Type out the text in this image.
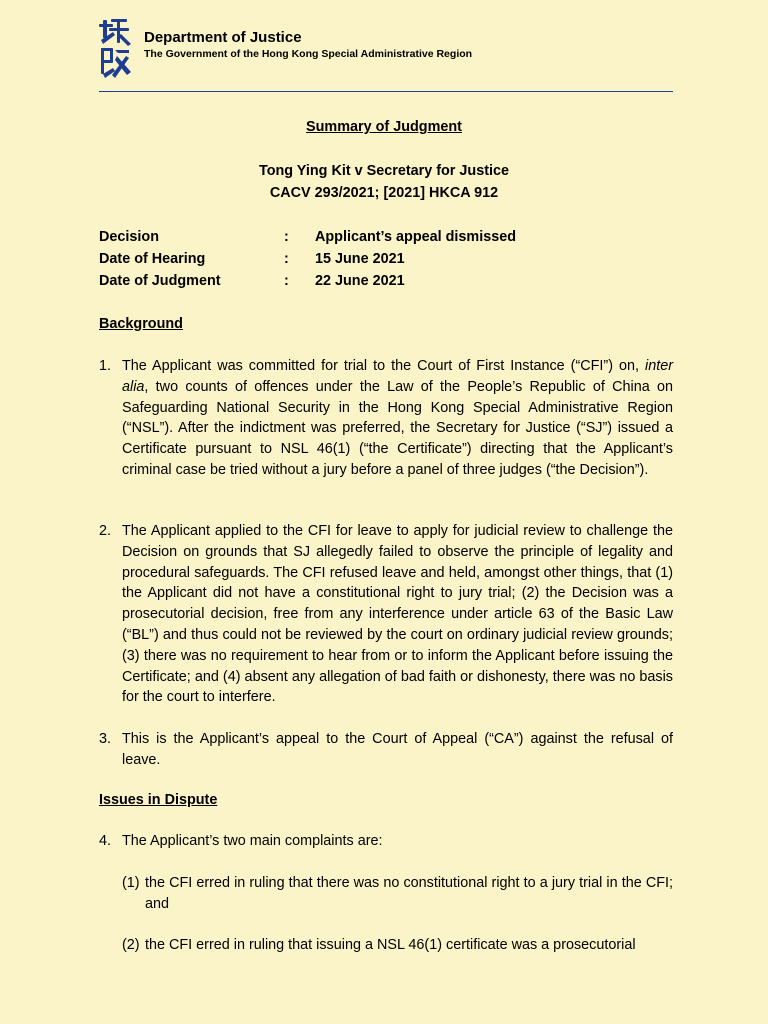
Department of Justice
The Government of the Hong Kong Special Administrative Region
Summary of Judgment
Tong Ying Kit v Secretary for Justice
CACV 293/2021; [2021] HKCA 912
Decision	: Applicant’s appeal dismissed
Date of Hearing	: 15 June 2021
Date of Judgment	: 22 June 2021
Background
1. The Applicant was committed for trial to the Court of First Instance (“CFI”) on, inter alia, two counts of offences under the Law of the People’s Republic of China on Safeguarding National Security in the Hong Kong Special Administrative Region (“NSL”). After the indictment was preferred, the Secretary for Justice (“SJ”) issued a Certificate pursuant to NSL 46(1) (“the Certificate”) directing that the Applicant’s criminal case be tried without a jury before a panel of three judges (“the Decision”).
2. The Applicant applied to the CFI for leave to apply for judicial review to challenge the Decision on grounds that SJ allegedly failed to observe the principle of legality and procedural safeguards. The CFI refused leave and held, amongst other things, that (1) the Applicant did not have a constitutional right to jury trial; (2) the Decision was a prosecutorial decision, free from any interference under article 63 of the Basic Law (“BL”) and thus could not be reviewed by the court on ordinary judicial review grounds; (3) there was no requirement to hear from or to inform the Applicant before issuing the Certificate; and (4) absent any allegation of bad faith or dishonesty, there was no basis for the court to interfere.
3. This is the Applicant’s appeal to the Court of Appeal (“CA”) against the refusal of leave.
Issues in Dispute
4. The Applicant’s two main complaints are:
(1) the CFI erred in ruling that there was no constitutional right to a jury trial in the CFI; and
(2) the CFI erred in ruling that issuing a NSL 46(1) certificate was a prosecutorial
